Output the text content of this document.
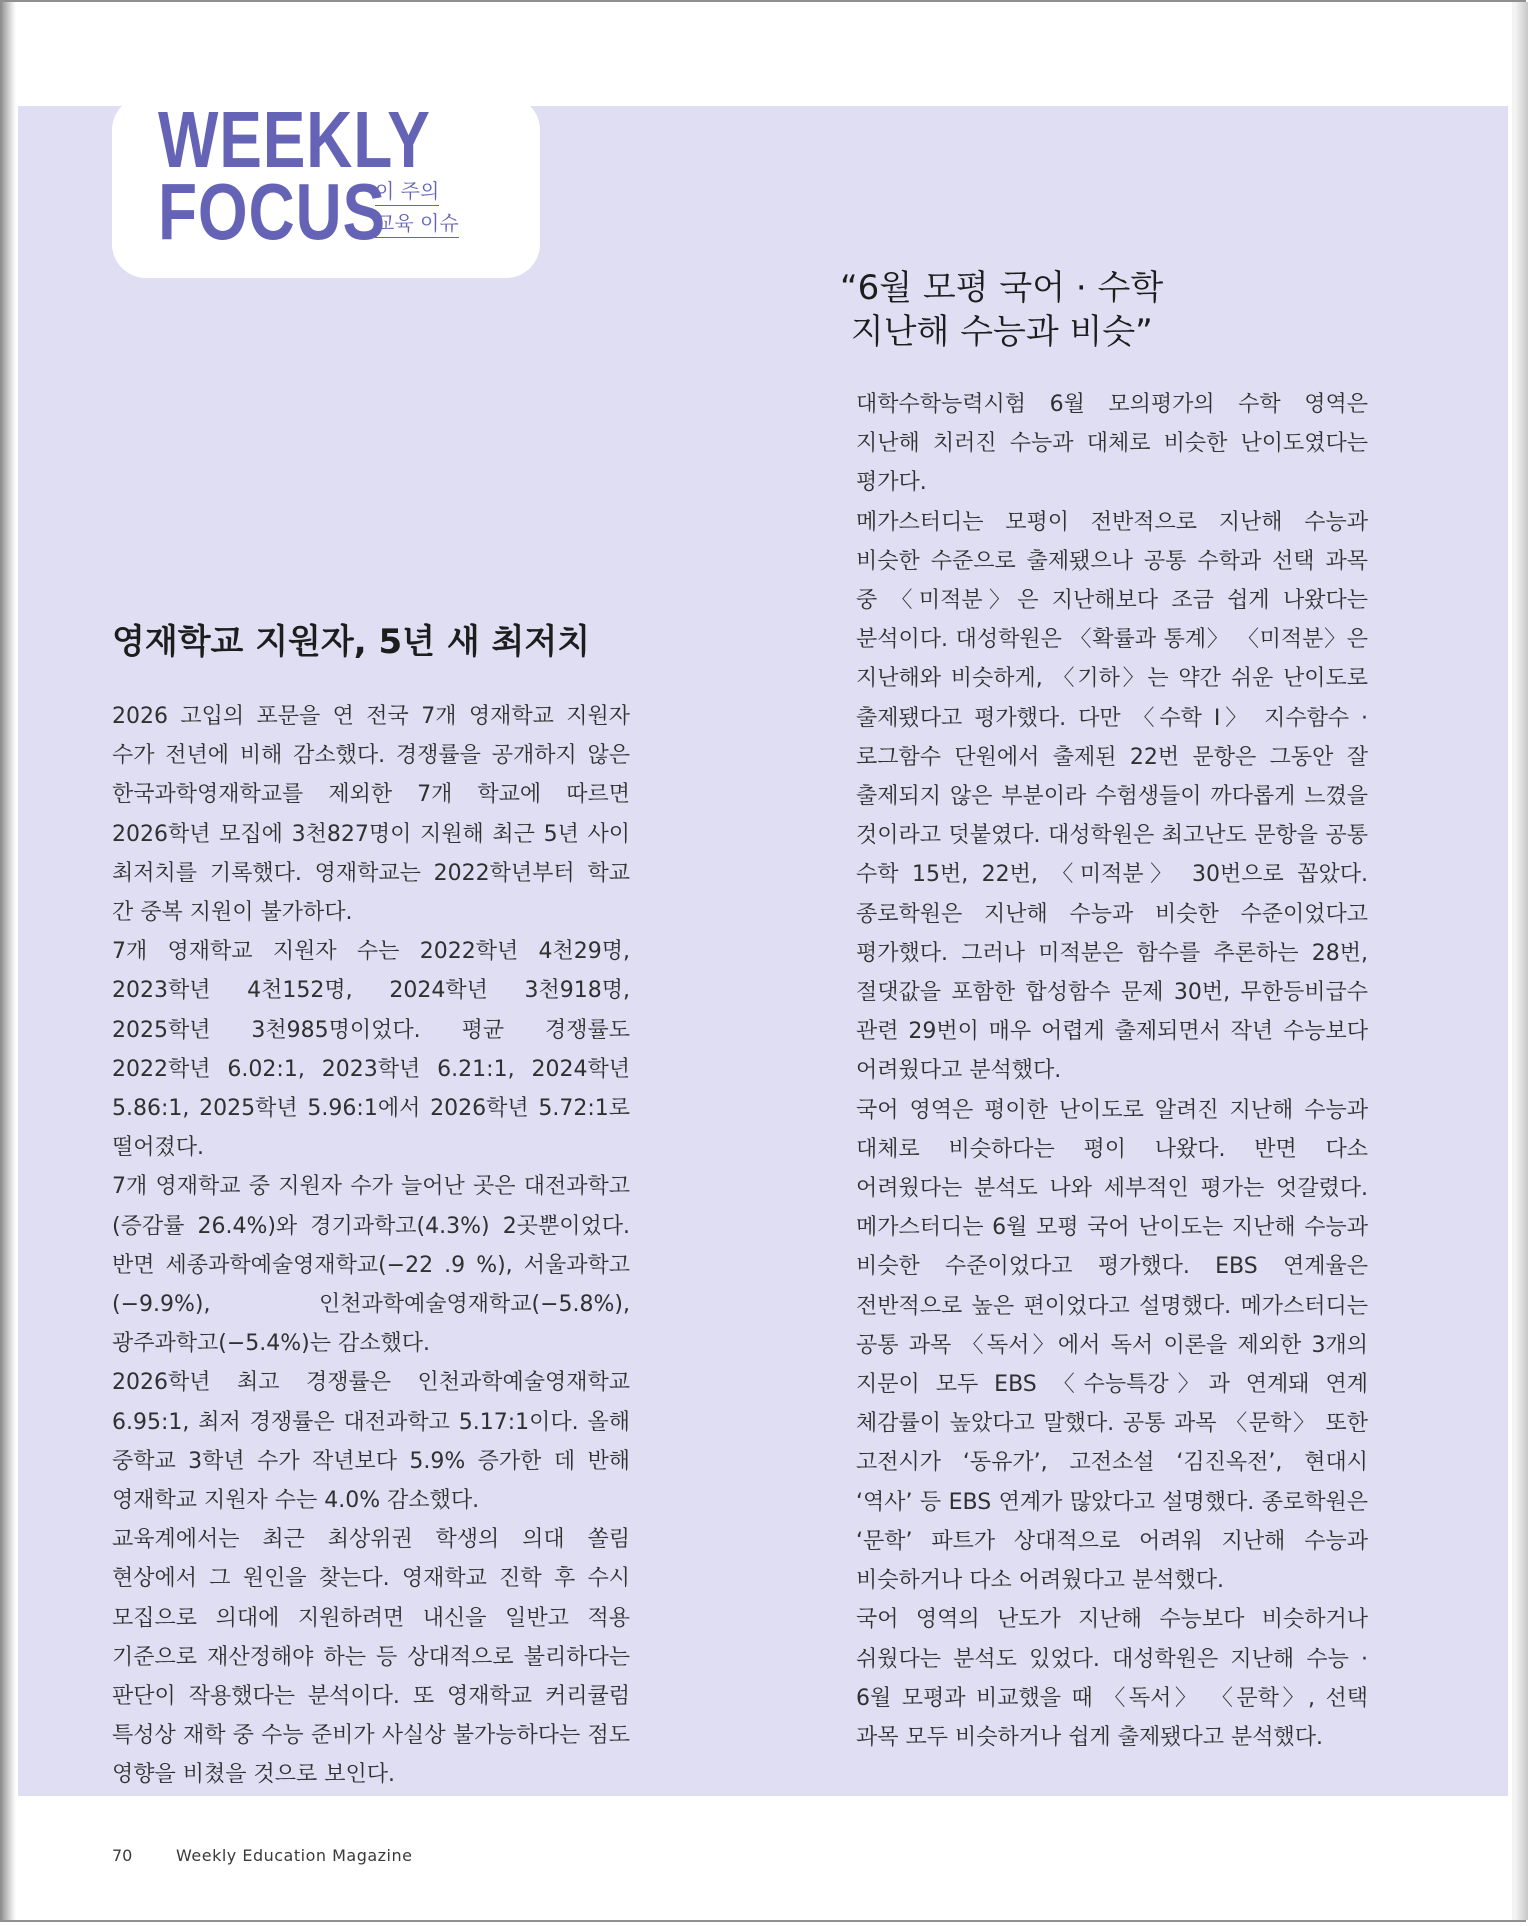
WEEKLY
FOCUS
이 주의
교육 이슈
“6월 모평 국어 · 수학
지난해 수능과 비슷”
영재학교 지원자, 5년 새 최저치

2026 고입의 포문을 연 전국 7개 영재학교 지원자 수가 전년에 비해 감소했다. 경쟁률을 공개하지 않은 한국과학영재학교를 제외한 7개 학교에 따르면 2026학년 모집에 3천827명이 지원해 최근 5년 사이 최저치를 기록했다. 영재학교는 2022학년부터 학교 간 중복 지원이 불가하다.

7개 영재학교 지원자 수는 2022학년 4천29명, 2023학년 4천152명, 2024학년 3천918명, 2025학년 3천985명이었다. 평균 경쟁률도 2022학년 6.02:1, 2023학년 6.21:1, 2024학년 5.86:1, 2025학년 5.96:1에서 2026학년 5.72:1로 떨어졌다.

7개 영재학교 중 지원자 수가 늘어난 곳은 대전과학고(증감률 26.4%)와 경기과학고(4.3%) 2곳뿐이었다. 반면 세종과학예술영재학교(−22 .9 %), 서울과학고(−9.9%), 인천과학예술영재학교(−5.8%), 광주과학고(−5.4%)는 감소했다.

2026학년 최고 경쟁률은 인천과학예술영재학교 6.95:1, 최저 경쟁률은 대전과학고 5.17:1이다. 올해 중학교 3학년 수가 작년보다 5.9% 증가한 데 반해 영재학교 지원자 수는 4.0% 감소했다.

교육계에서는 최근 최상위권 학생의 의대 쏠림 현상에서 그 원인을 찾는다. 영재학교 진학 후 수시 모집으로 의대에 지원하려면 내신을 일반고 적용 기준으로 재산정해야 하는 등 상대적으로 불리하다는 판단이 작용했다는 분석이다. 또 영재학교 커리큘럼 특성상 재학 중 수능 준비가 사실상 불가능하다는 점도 영향을 비쳤을 것으로 보인다.

대학수학능력시험 6월 모의평가의 수학 영역은 지난해 치러진 수능과 대체로 비슷한 난이도였다는 평가다.

메가스터디는 모평이 전반적으로 지난해 수능과 비슷한 수준으로 출제됐으나 공통 수학과 선택 과목 중 〈미적분〉은 지난해보다 조금 쉽게 나왔다는 분석이다. 대성학원은 〈확률과 통계〉 〈미적분〉은 지난해와 비슷하게, 〈기하〉는 약간 쉬운 난이도로 출제됐다고 평가했다. 다만 〈수학 Ⅰ〉 지수함수 · 로그함수 단원에서 출제된 22번 문항은 그동안 잘 출제되지 않은 부분이라 수험생들이 까다롭게 느꼈을 것이라고 덧붙였다. 대성학원은 최고난도 문항을 공통 수학 15번, 22번, 〈미적분〉 30번으로 꼽았다. 종로학원은 지난해 수능과 비슷한 수준이었다고 평가했다. 그러나 미적분은 함수를 추론하는 28번, 절댓값을 포함한 합성함수 문제 30번, 무한등비급수 관련 29번이 매우 어렵게 출제되면서 작년 수능보다 어려웠다고 분석했다.

국어 영역은 평이한 난이도로 알려진 지난해 수능과 대체로 비슷하다는 평이 나왔다. 반면 다소 어려웠다는 분석도 나와 세부적인 평가는 엇갈렸다. 메가스터디는 6월 모평 국어 난이도는 지난해 수능과 비슷한 수준이었다고 평가했다. EBS 연계율은 전반적으로 높은 편이었다고 설명했다. 메가스터디는 공통 과목 〈독서〉에서 독서 이론을 제외한 3개의 지문이 모두 EBS 〈수능특강〉과 연계돼 연계 체감률이 높았다고 말했다. 공통 과목 〈문학〉 또한 고전시가 ‘동유가’, 고전소설 ‘김진옥전’, 현대시 ‘역사’ 등 EBS 연계가 많았다고 설명했다. 종로학원은 ‘문학’ 파트가 상대적으로 어려워 지난해 수능과 비슷하거나 다소 어려웠다고 분석했다.

국어 영역의 난도가 지난해 수능보다 비슷하거나 쉬웠다는 분석도 있었다. 대성학원은 지난해 수능 · 6월 모평과 비교했을 때 〈독서〉 〈문학〉, 선택 과목 모두 비슷하거나 쉽게 출제됐다고 분석했다.

70	Weekly Education Magazine
